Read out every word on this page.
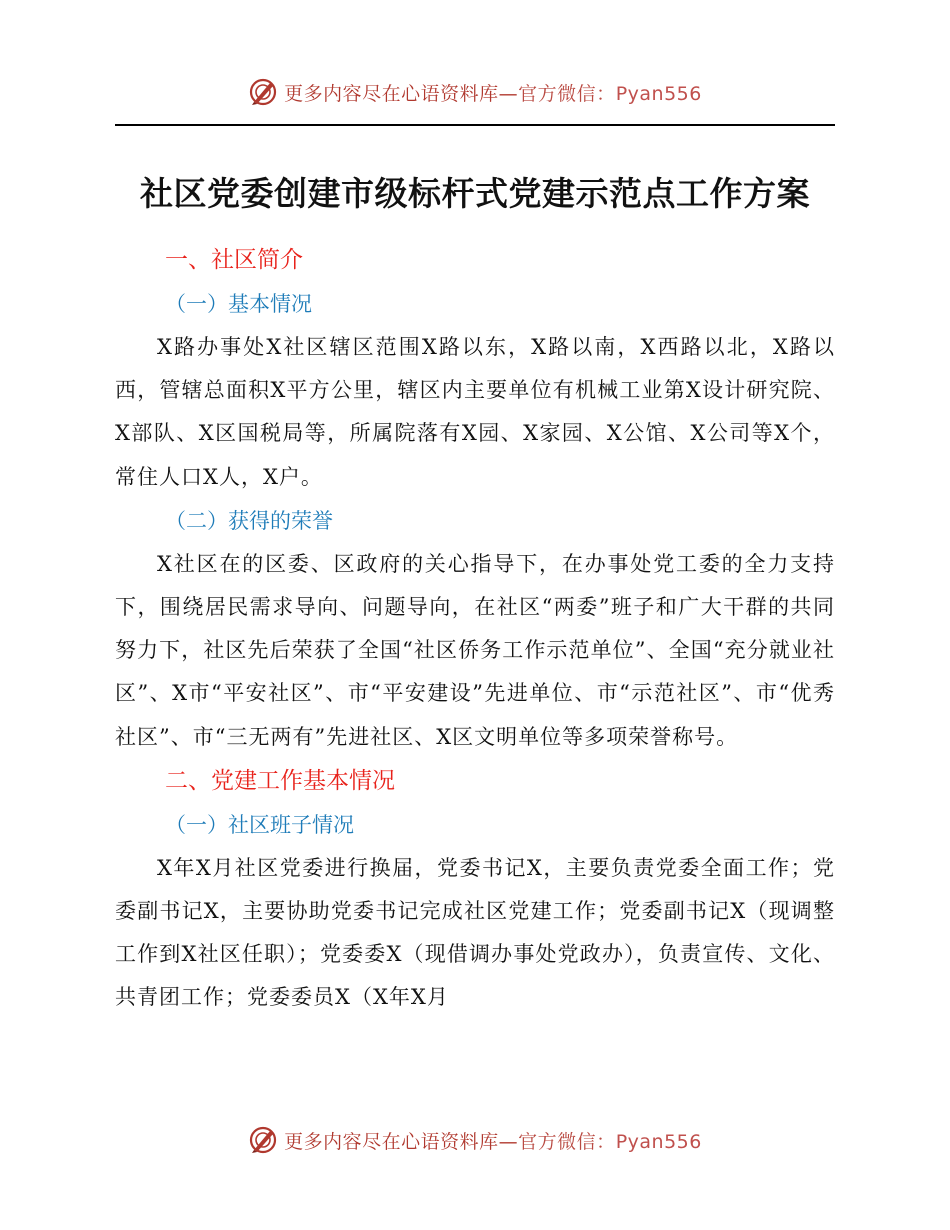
更多内容尽在心语资料库—官方微信：Pyan556
社区党委创建市级标杆式党建示范点工作方案
一、社区简介
（一）基本情况

X路办事处X社区辖区范围X路以东，X路以南，X西路以北，X路以西，管辖总面积X平方公里，辖区内主要单位有机械工业第X设计研究院、X部队、X区国税局等，所属院落有X园、X家园、X公馆、X公司等X个，常住人口X人，X户。

（二）获得的荣誉

X社区在的区委、区政府的关心指导下，在办事处党工委的全力支持下，围绕居民需求导向、问题导向，在社区“两委”班子和广大干群的共同努力下，社区先后荣获了全国“社区侨务工作示范单位”、全国“充分就业社区”、X市“平安社区”、市“平安建设”先进单位、市“示范社区”、市“优秀社区”、市“三无两有”先进社区、X区文明单位等多项荣誉称号。

二、党建工作基本情况
（一）社区班子情况

X年X月社区党委进行换届，党委书记X，主要负责党委全面工作；党委副书记X，主要协助党委书记完成社区党建工作；党委副书记X（现调整工作到X社区任职）；党委委X（现借调办事处党政办），负责宣传、文化、共青团工作；党委委员X（X年X月

更多内容尽在心语资料库—官方微信：Pyan556
